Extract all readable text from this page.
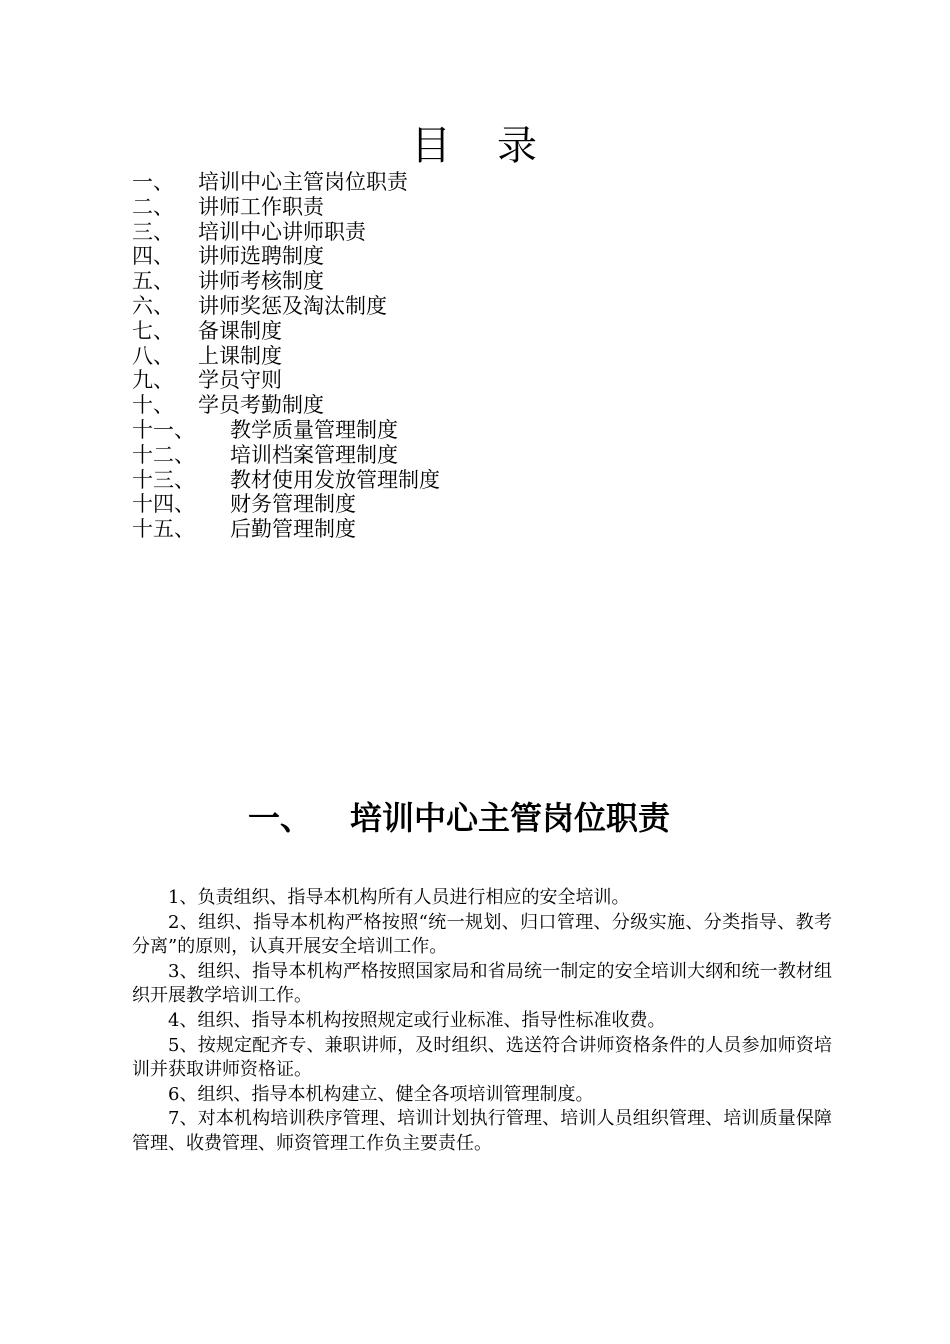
目 录
一、 培训中心主管岗位职责
二、 讲师工作职责
三、 培训中心讲师职责
四、 讲师选聘制度
五、 讲师考核制度
六、 讲师奖惩及淘汰制度
七、 备课制度
八、 上课制度
九、 学员守则
十、 学员考勤制度
十一、 教学质量管理制度
十二、 培训档案管理制度
十三、 教材使用发放管理制度
十四、 财务管理制度
十五、 后勤管理制度
一、 培训中心主管岗位职责

1、负责组织、指导本机构所有人员进行相应的安全培训。

2、组织、指导本机构严格按照“统一规划、归口管理、分级实施、分类指导、教考分离”的原则，认真开展安全培训工作。

3、组织、指导本机构严格按照国家局和省局统一制定的安全培训大纲和统一教材组织开展教学培训工作。

4、组织、指导本机构按照规定或行业标准、指导性标准收费。

5、按规定配齐专、兼职讲师，及时组织、选送符合讲师资格条件的人员参加师资培训并获取讲师资格证。

6、组织、指导本机构建立、健全各项培训管理制度。

7、对本机构培训秩序管理、培训计划执行管理、培训人员组织管理、培训质量保障管理、收费管理、师资管理工作负主要责任。
